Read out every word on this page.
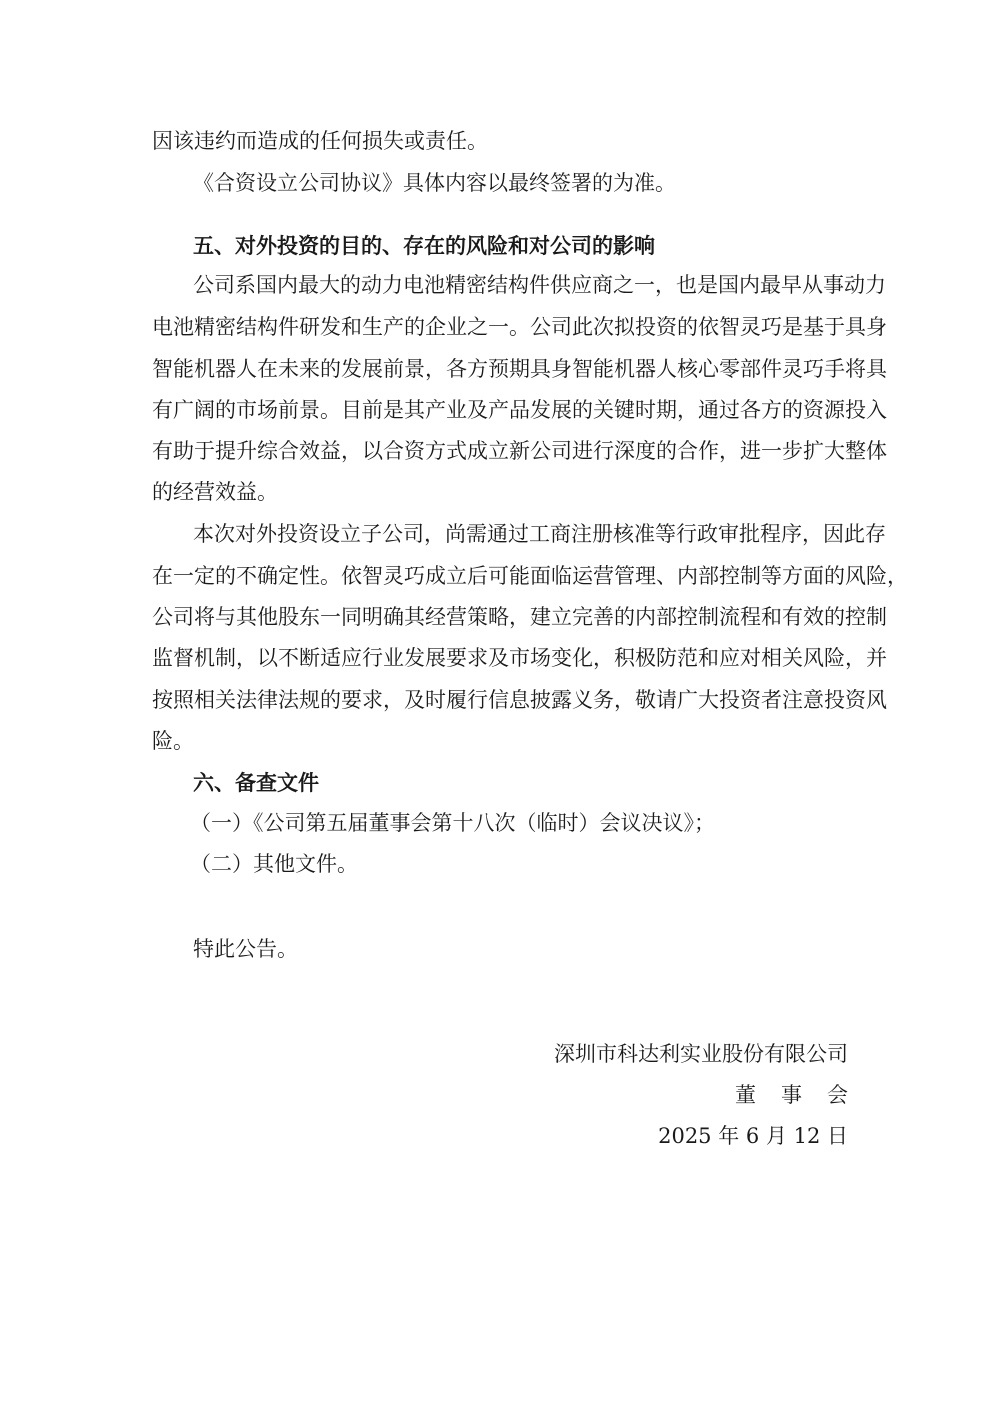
因该违约而造成的任何损失或责任。
《合资设立公司协议》具体内容以最终签署的为准。
五、对外投资的目的、存在的风险和对公司的影响
公司系国内最大的动力电池精密结构件供应商之一，也是国内最早从事动力
电池精密结构件研发和生产的企业之一。公司此次拟投资的依智灵巧是基于具身
智能机器人在未来的发展前景，各方预期具身智能机器人核心零部件灵巧手将具
有广阔的市场前景。目前是其产业及产品发展的关键时期，通过各方的资源投入
有助于提升综合效益，以合资方式成立新公司进行深度的合作，进一步扩大整体
的经营效益。
本次对外投资设立子公司，尚需通过工商注册核准等行政审批程序，因此存
在一定的不确定性。依智灵巧成立后可能面临运营管理、内部控制等方面的风险，
公司将与其他股东一同明确其经营策略，建立完善的内部控制流程和有效的控制
监督机制，以不断适应行业发展要求及市场变化，积极防范和应对相关风险，并
按照相关法律法规的要求，及时履行信息披露义务，敬请广大投资者注意投资风
险。
六、备查文件
（一）《公司第五届董事会第十八次（临时）会议决议》；
（二）其他文件。
特此公告。
深圳市科达利实业股份有限公司
董事会
2025 年 6 月 12 日
